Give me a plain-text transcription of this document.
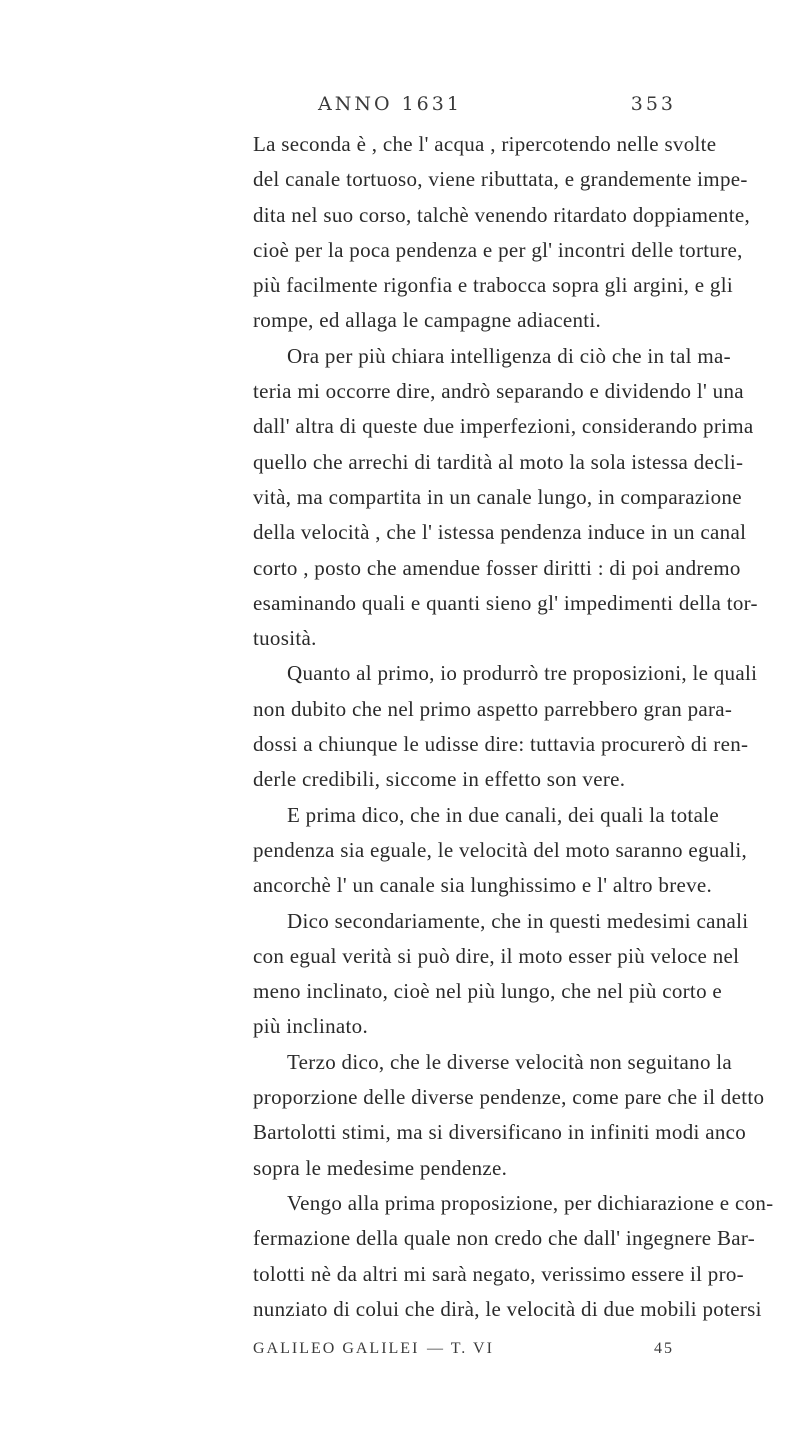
ANNO 1631	353
La seconda è , che l' acqua , ripercotendo nelle svolte
del canale tortuoso, viene ributtata, e grandemente impe-
dita nel suo corso, talchè venendo ritardato doppiamente,
cioè per la poca pendenza e per gl' incontri delle torture,
più facilmente rigonfia e trabocca sopra gli argini, e gli
rompe, ed allaga le campagne adiacenti.
Ora per più chiara intelligenza di ciò che in tal ma-
teria mi occorre dire, andrò separando e dividendo l' una
dall' altra di queste due imperfezioni, considerando prima
quello che arrechi di tardità al moto la sola istessa decli-
vità, ma compartita in un canale lungo, in comparazione
della velocità , che l' istessa pendenza induce in un canal
corto , posto che amendue fosser diritti : di poi andremo
esaminando quali e quanti sieno gl' impedimenti della tor-
tuosità.
Quanto al primo, io produrrò tre proposizioni, le quali
non dubito che nel primo aspetto parrebbero gran para-
dossi a chiunque le udisse dire: tuttavia procurerò di ren-
derle credibili, siccome in effetto son vere.
E prima dico, che in due canali, dei quali la totale
pendenza sia eguale, le velocità del moto saranno eguali,
ancorchè l' un canale sia lunghissimo e l' altro breve.
Dico secondariamente, che in questi medesimi canali
con egual verità si può dire, il moto esser più veloce nel
meno inclinato, cioè nel più lungo, che nel più corto e
più inclinato.
Terzo dico, che le diverse velocità non seguitano la
proporzione delle diverse pendenze, come pare che il detto
Bartolotti stimi, ma si diversificano in infiniti modi anco
sopra le medesime pendenze.
Vengo alla prima proposizione, per dichiarazione e con-
fermazione della quale non credo che dall' ingegnere Bar-
tolotti nè da altri mi sarà negato, verissimo essere il pro-
nunziato di colui che dirà, le velocità di due mobili potersi
GALILEO GALILEI — T. VI	45
